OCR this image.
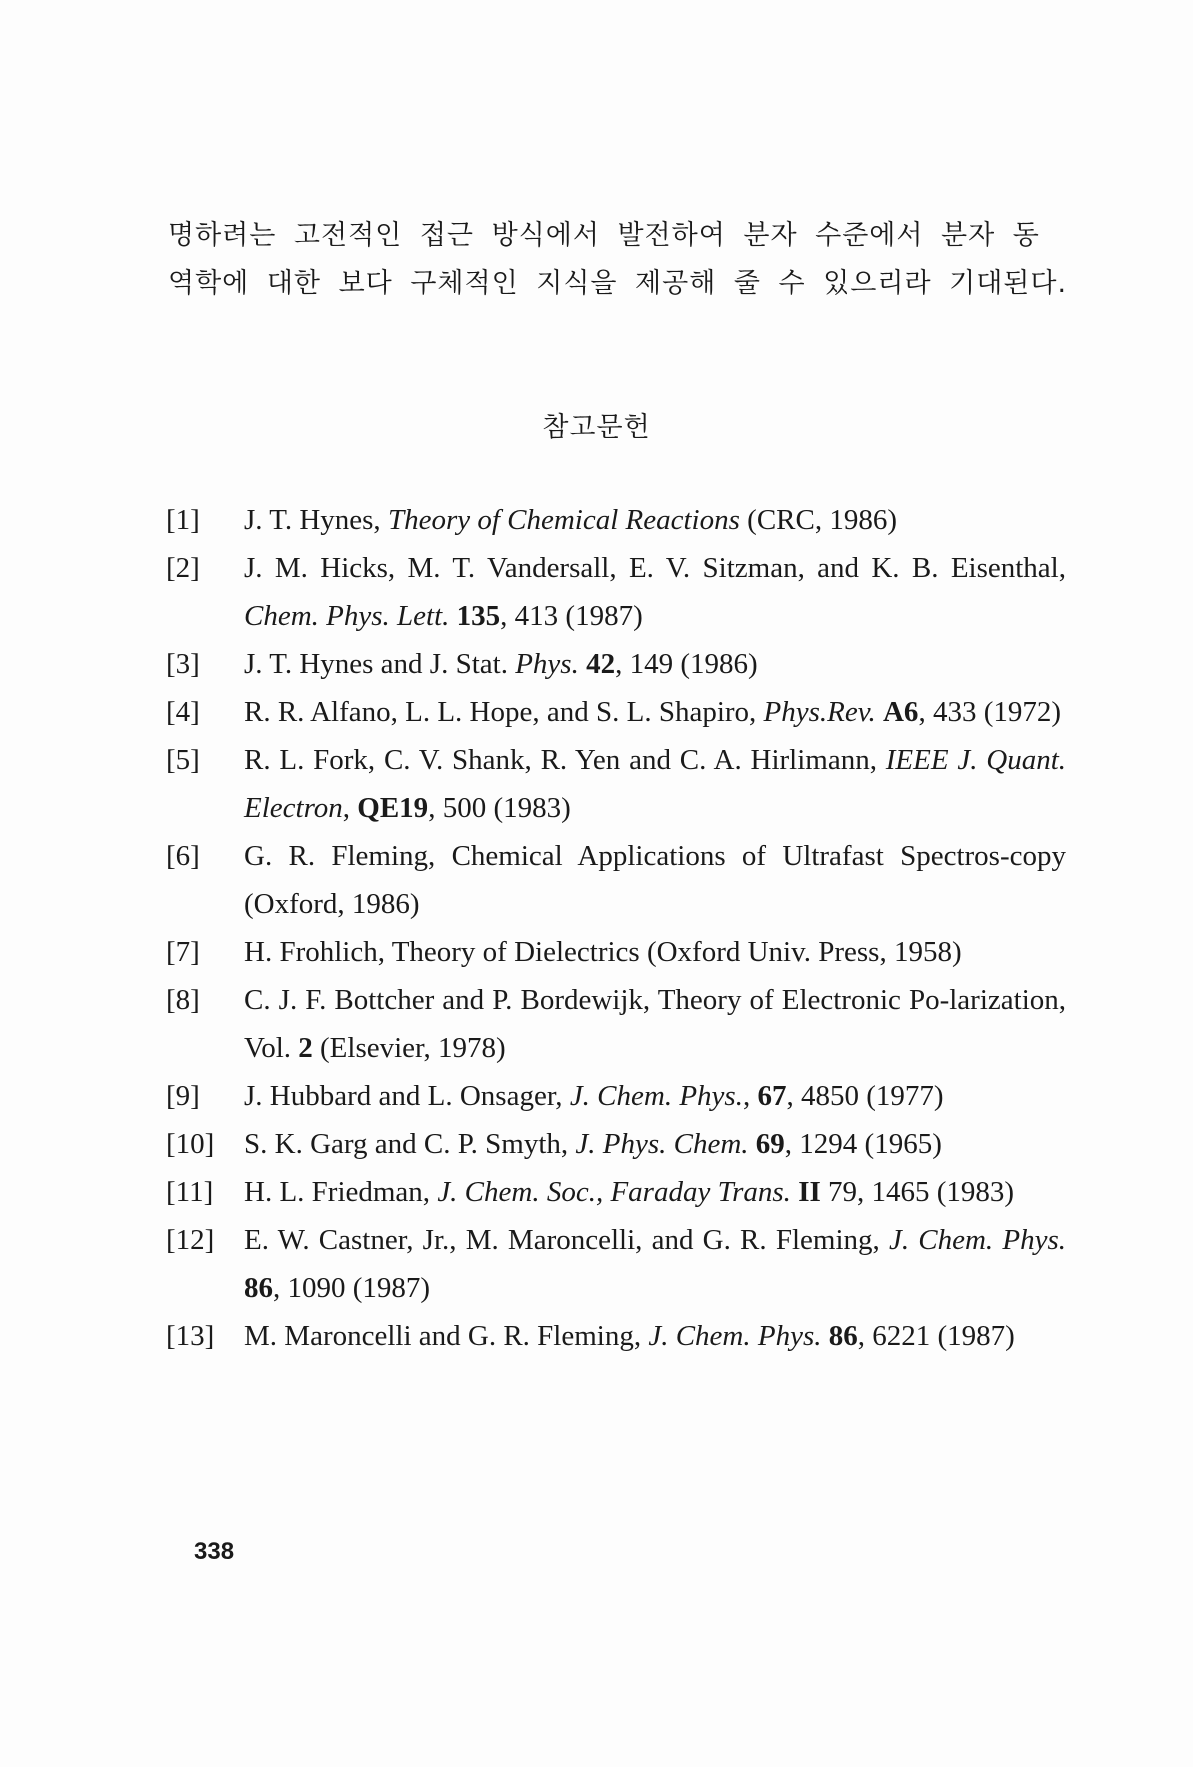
명하려는 고전적인 접근 방식에서 발전하여 분자 수준에서 분자 동

역학에 대한 보다 구체적인 지식을 제공해 줄 수 있으리라 기대된다.

참고문헌
[1]	J. T. Hynes, Theory of Chemical Reactions (CRC, 1986)
[2]	J. M. Hicks, M. T. Vandersall, E. V. Sitzman, and K. B. Eisenthal, Chem. Phys. Lett. 135, 413 (1987)
[3]	J. T. Hynes and J. Stat. Phys. 42, 149 (1986)
[4]	R. R. Alfano, L. L. Hope, and S. L. Shapiro, Phys.Rev. A6, 433 (1972)
[5]	R. L. Fork, C. V. Shank, R. Yen and C. A. Hirlimann, IEEE J. Quant. Electron, QE19, 500 (1983)
[6]	G. R. Fleming, Chemical Applications of Ultrafast Spectros-copy (Oxford, 1986)
[7]	H. Frohlich, Theory of Dielectrics (Oxford Univ. Press, 1958)
[8]	C. J. F. Bottcher and P. Bordewijk, Theory of Electronic Po-larization, Vol. 2 (Elsevier, 1978)
[9]	J. Hubbard and L. Onsager, J. Chem. Phys., 67, 4850 (1977)
[10]	S. K. Garg and C. P. Smyth, J. Phys. Chem. 69, 1294 (1965)
[11]	H. L. Friedman, J. Chem. Soc., Faraday Trans. II 79, 1465 (1983)
[12]	E. W. Castner, Jr., M. Maroncelli, and G. R. Fleming, J. Chem. Phys. 86, 1090 (1987)
[13]	M. Maroncelli and G. R. Fleming, J. Chem. Phys. 86, 6221 (1987)
338
